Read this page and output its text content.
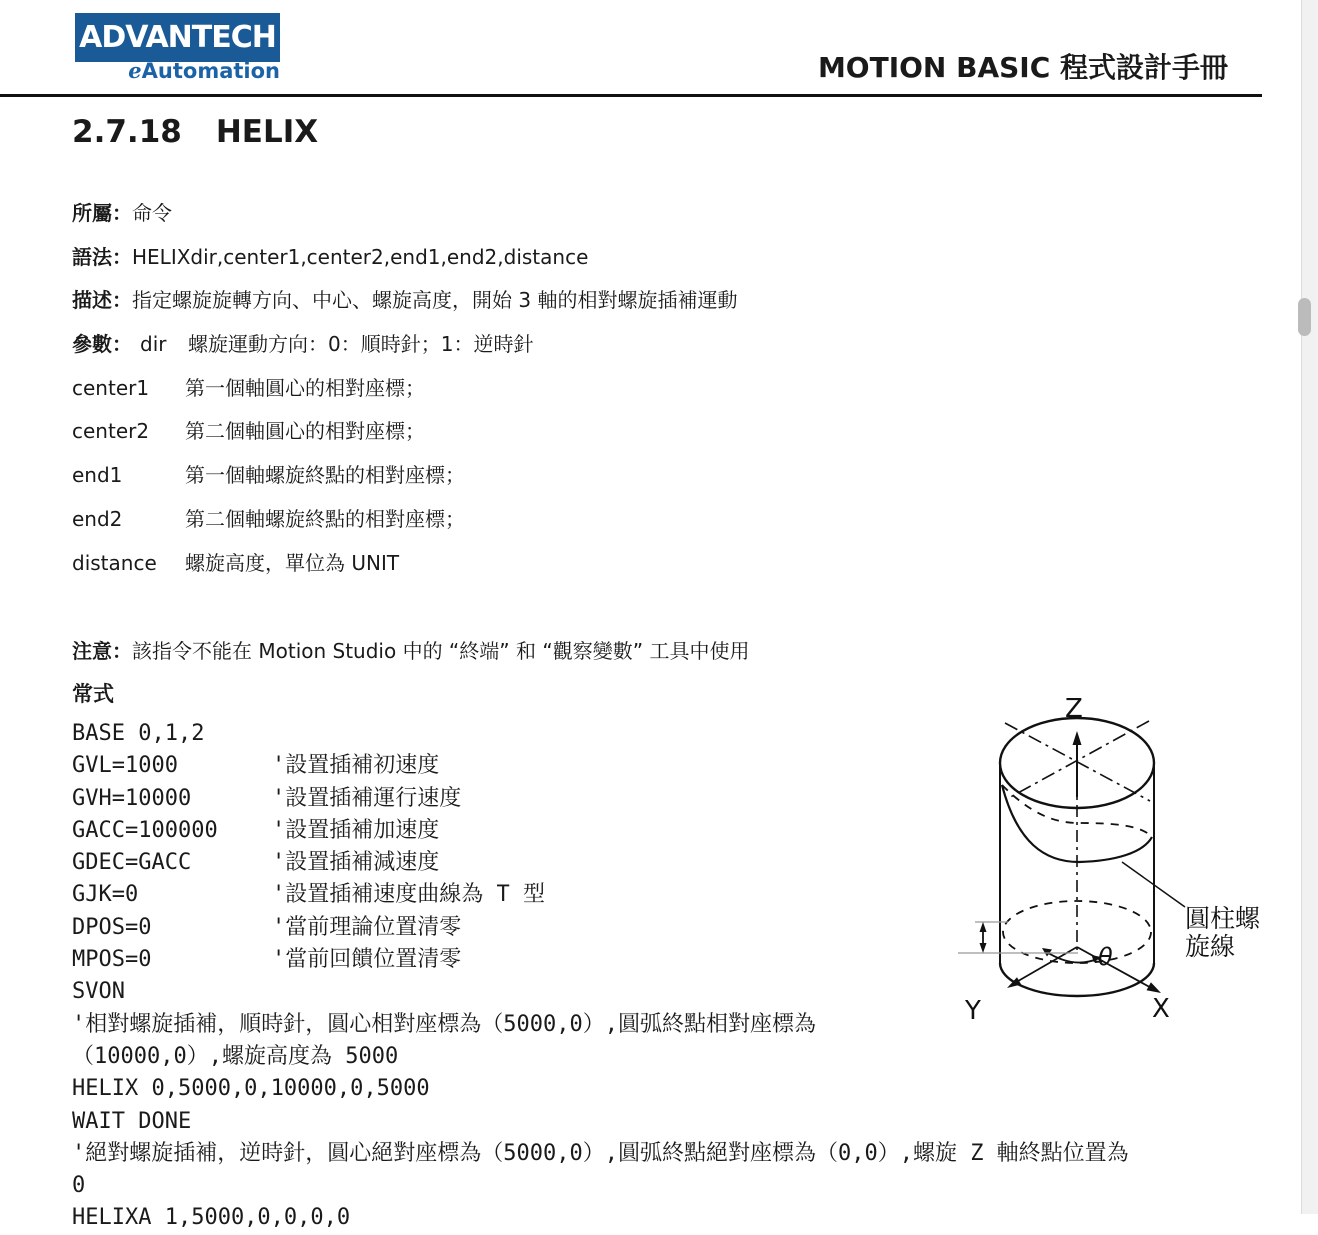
ADVANTECH
eAutomation	MOTION BASIC 程式設計手冊
2.7.18 HELIX
所屬：命令
語法：HELIXdir,center1,center2,end1,end2,distance
描述：指定螺旋旋轉方向、中心、螺旋高度，開始 3 軸的相對螺旋插補運動
參數： dir 螺旋運動方向：0：順時針；1：逆時針
center1 第一個軸圓心的相對座標；
center2 第二個軸圓心的相對座標；
end1	第一個軸螺旋終點的相對座標；
end2	第二個軸螺旋終點的相對座標；
distance 螺旋高度，單位為 UNIT
注意：該指令不能在 Motion Studio 中的 “終端” 和 “觀察變數” 工具中使用
常式
BASE 0,1,2
GVL=1000	'設置插補初速度
GVH=10000	'設置插補運行速度
GACC=100000 '設置插補加速度
GDEC=GACC	'設置插補減速度
GJK=0	'設置插補速度曲線為 T 型
DPOS=0	'當前理論位置清零
MPOS=0	'當前回饋位置清零
SVON
'相對螺旋插補，順時針，圓心相對座標為（5000,0）,圓弧終點相對座標為
（10000,0）,螺旋高度為 5000
HELIX 0,5000,0,10000,0,5000
WAIT DONE
'絕對螺旋插補，逆時針，圓心絕對座標為（5000,0）,圓弧終點絕對座標為（0,0）,螺旋 Z 軸終點位置為
0
HELIXA 1,5000,0,0,0,0
Z
X
Y
θ
圓柱螺
旋線
